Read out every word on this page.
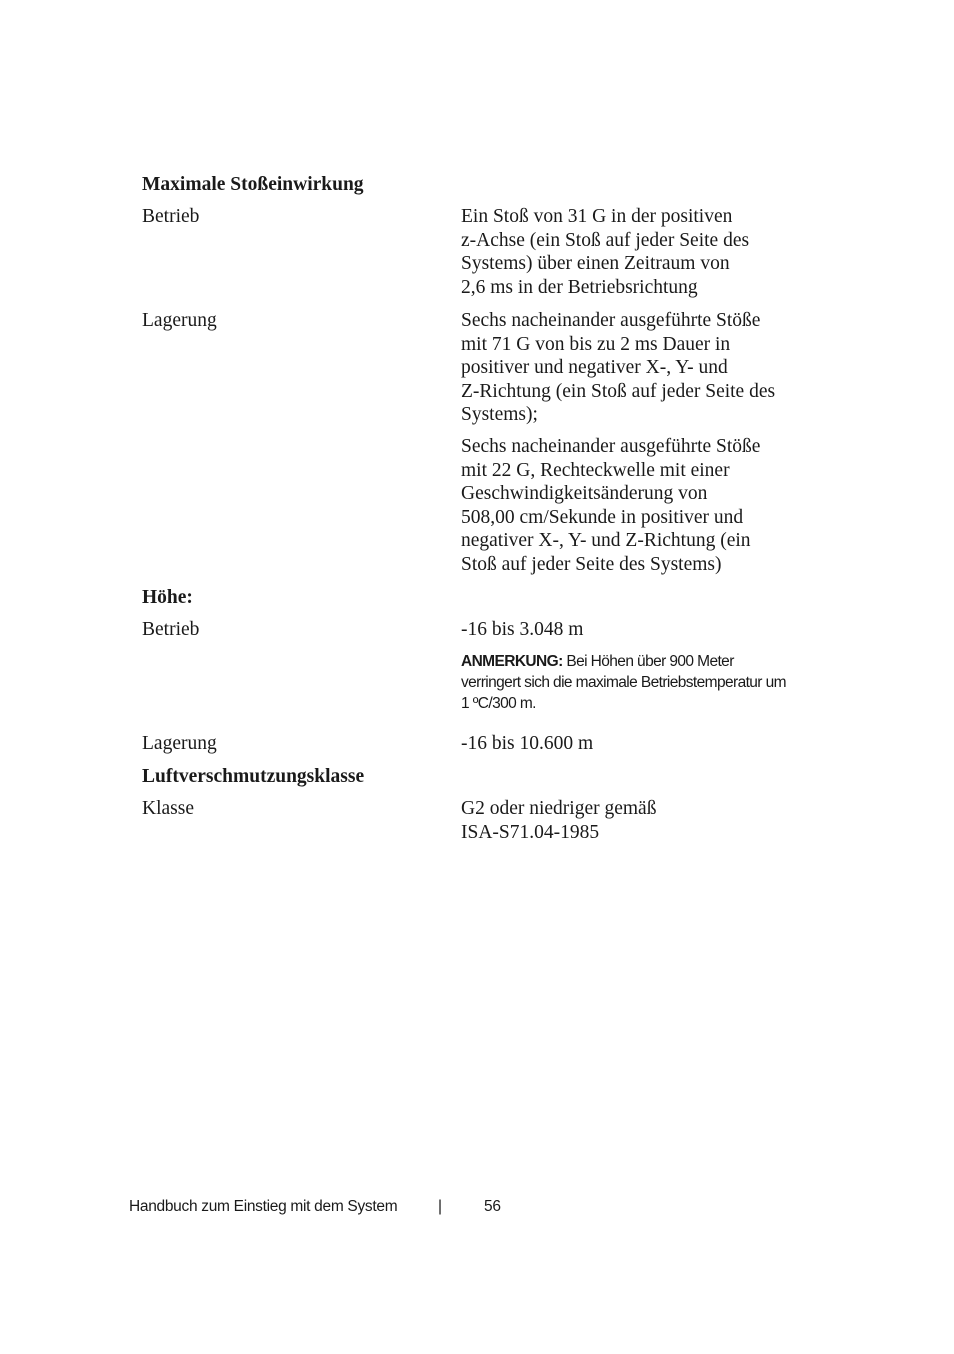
Maximale Stoßeinwirkung
Betrieb	Ein Stoß von 31 G in der positiven
z-Achse (ein Stoß auf jeder Seite des
Systems) über einen Zeitraum von
2,6 ms in der Betriebsrichtung
Lagerung	Sechs nacheinander ausgeführte Stöße
mit 71 G von bis zu 2 ms Dauer in
positiver und negativer X-, Y- und
Z-Richtung (ein Stoß auf jeder Seite des
Systems);
Sechs nacheinander ausgeführte Stöße
mit 22 G, Rechteckwelle mit einer
Geschwindigkeitsänderung von
508,00 cm/Sekunde in positiver und
negativer X-, Y- und Z-Richtung (ein
Stoß auf jeder Seite des Systems)
Höhe:
Betrieb	-16 bis 3.048 m
ANMERKUNG: Bei Höhen über 900 Meter
verringert sich die maximale Betriebstemperatur um
1 ºC/300 m.
Lagerung	-16 bis 10.600 m
Luftverschmutzungsklasse
Klasse	G2 oder niedriger gemäß
ISA-S71.04-1985
Handbuch zum Einstieg mit dem System	|	56
